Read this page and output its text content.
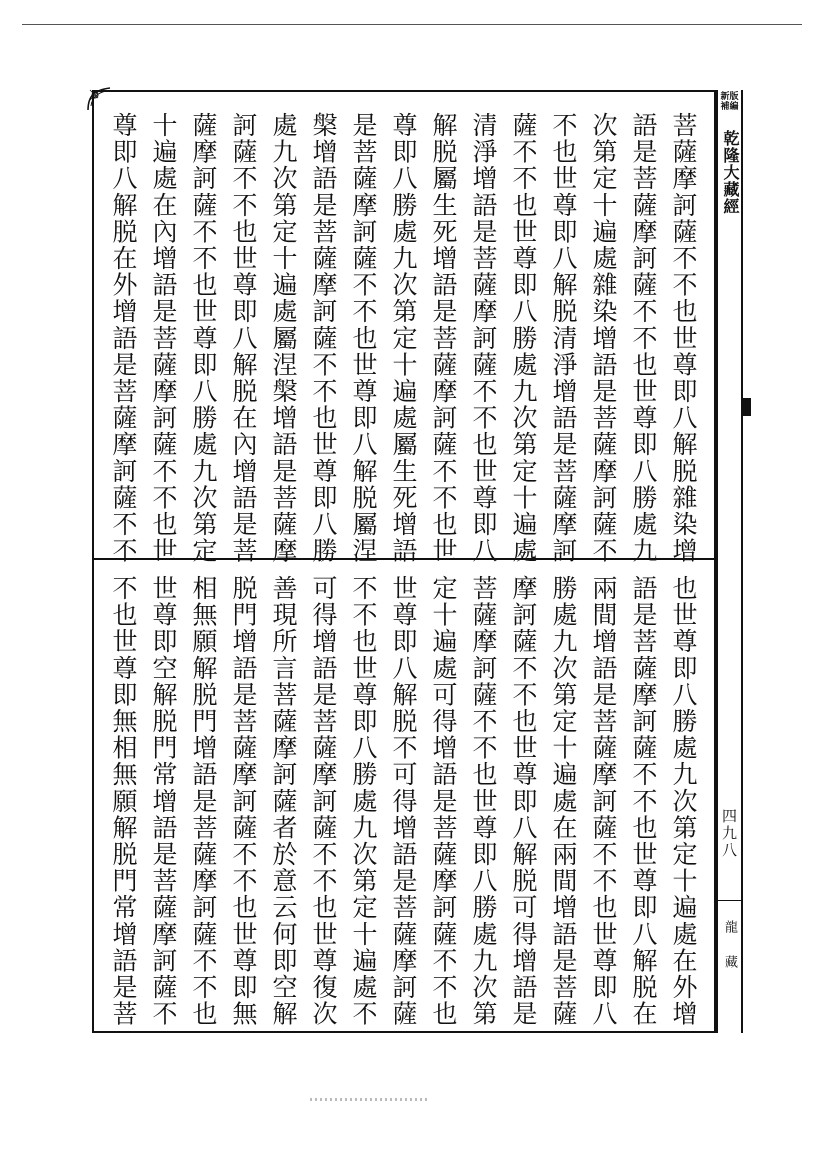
新版
補編
乾隆大藏經
四九八
龍藏
菩薩摩訶薩不不也世尊即八解脱雜染增
語是菩薩摩訶薩不不也世尊即八勝處九
次第定十遍處雜染增語是菩薩摩訶薩不
不也世尊即八解脱清淨增語是菩薩摩訶
薩不不也世尊即八勝處九次第定十遍處
清淨增語是菩薩摩訶薩不不也世尊即八
解脱屬生死增語是菩薩摩訶薩不不也世
尊即八勝處九次第定十遍處屬生死增語
是菩薩摩訶薩不不也世尊即八解脱屬涅
槃增語是菩薩摩訶薩不不也世尊即八勝
處九次第定十遍處屬涅槃增語是菩薩摩
訶薩不不也世尊即八解脱在內增語是菩
薩摩訶薩不不也世尊即八勝處九次第定
十遍處在內增語是菩薩摩訶薩不不也世
尊即八解脱在外增語是菩薩摩訶薩不不
也世尊即八勝處九次第定十遍處在外增
語是菩薩摩訶薩不不也世尊即八解脱在
兩間增語是菩薩摩訶薩不不也世尊即八
勝處九次第定十遍處在兩間增語是菩薩
摩訶薩不不也世尊即八解脱可得增語是
菩薩摩訶薩不不也世尊即八勝處九次第
定十遍處可得增語是菩薩摩訶薩不不也
世尊即八解脱不可得增語是菩薩摩訶薩
不不也世尊即八勝處九次第定十遍處不
可得增語是菩薩摩訶薩不不也世尊復次
善現所言菩薩摩訶薩者於意云何即空解
脱門增語是菩薩摩訶薩不不也世尊即無
相無願解脱門增語是菩薩摩訶薩不不也
世尊即空解脱門常增語是菩薩摩訶薩不
不也世尊即無相無願解脱門常增語是菩
